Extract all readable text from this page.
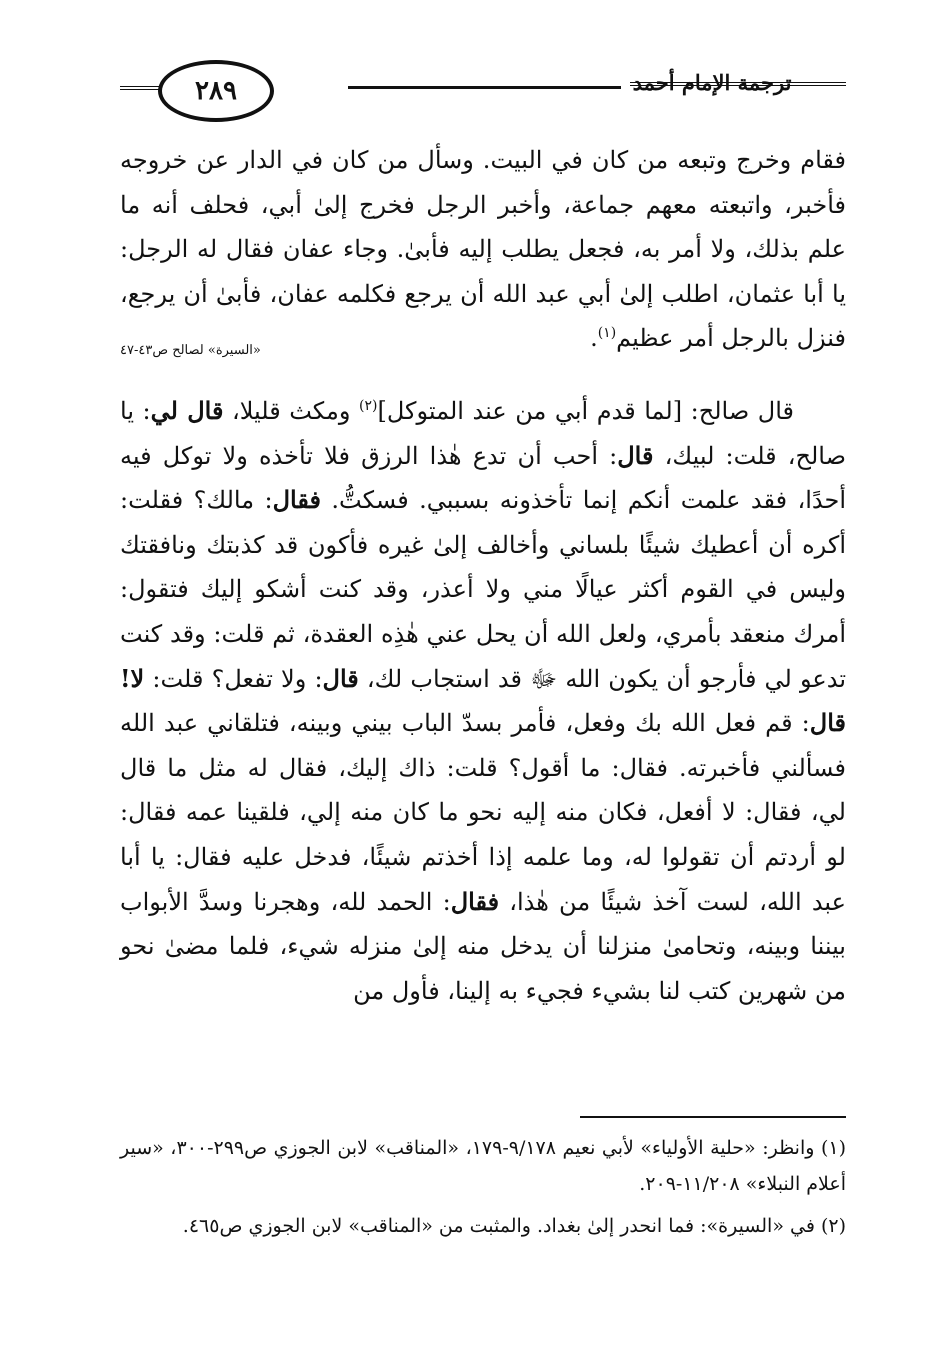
ترجمة الإمام أحمد
٢٨٩

فقام وخرج وتبعه من كان في البيت. وسأل من كان في الدار عن خروجه فأخبر، واتبعته معهم جماعة، وأخبر الرجل فخرج إلىٰ أبي، فحلف أنه ما علم بذلك، ولا أمر به، فجعل يطلب إليه فأبىٰ. وجاء عفان فقال له الرجل: يا أبا عثمان، اطلب إلىٰ أبي عبد الله أن يرجع فكلمه عفان، فأبىٰ أن يرجع، فنزل بالرجل أمر عظيم$^{(١)}$.
«السيرة» لصالح ص٤٣-٤٧

قال صالح: [لما قدم أبي من عند المتوكل]$^{(٢)}$ ومكث قليلا، قال لي: يا صالح، قلت: لبيك، قال: أحب أن تدع هٰذا الرزق فلا تأخذه ولا توكل فيه أحدًا، فقد علمت أنكم إنما تأخذونه بسببي. فسكتُّ. فقال: مالك؟ فقلت: أكره أن أعطيك شيئًا بلساني وأخالف إلىٰ غيره فأكون قد كذبتك ونافقتك وليس في القوم أكثر عيالًا مني ولا أعذر، وقد كنت أشكو إليك فتقول: أمرك منعقد بأمري، ولعل الله أن يحل عني هٰذِه العقدة، ثم قلت: وقد كنت تدعو لي فأرجو أن يكون الله ﷻ قد استجاب لك، قال: ولا تفعل؟ قلت: لا! قال: قم فعل الله بك وفعل، فأمر بسدّ الباب بيني وبينه، فتلقاني عبد الله فسألني فأخبرته. فقال: ما أقول؟ قلت: ذاك إليك، فقال له مثل ما قال لي، فقال: لا أفعل، فكان منه إليه نحو ما كان منه إلي، فلقينا عمه فقال: لو أردتم أن تقولوا له، وما علمه إذا أخذتم شيئًا، فدخل عليه فقال: يا أبا عبد الله، لست آخذ شيئًا من هٰذا، فقال: الحمد لله، وهجرنا وسدَّ الأبواب بيننا وبينه، وتحامىٰ منزلنا أن يدخل منه إلىٰ منزله شيء، فلما مضىٰ نحو من شهرين كتب لنا بشيء فجيء به إلينا، فأول من

(١) وانظر: «حلية الأولياء» لأبي نعيم ٩/١٧٨-١٧٩، «المناقب» لابن الجوزي ص٢٩٩-٣٠٠، «سير أعلام النبلاء» ١١/٢٠٨-٢٠٩.

(٢) في «السيرة»: فما انحدر إلىٰ بغداد. والمثبت من «المناقب» لابن الجوزي ص٤٦٥.
